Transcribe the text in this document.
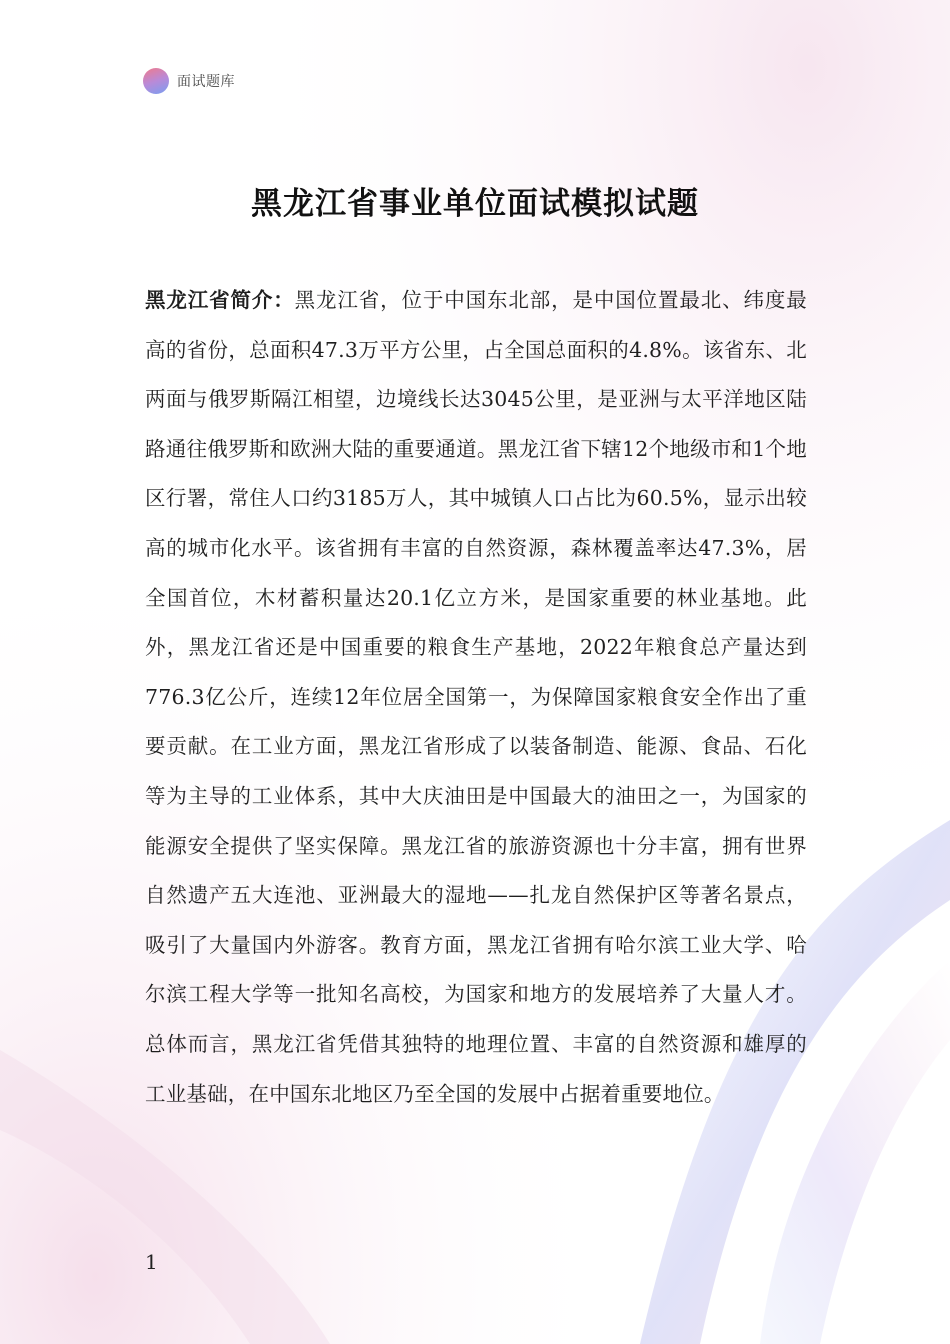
面试题库
黑龙江省事业单位面试模拟试题
黑龙江省简介：黑龙江省，位于中国东北部，是中国位置最北、纬度最高的省份，总面积47.3万平方公里，占全国总面积的4.8%。该省东、北两面与俄罗斯隔江相望，边境线长达3045公里，是亚洲与太平洋地区陆路通往俄罗斯和欧洲大陆的重要通道。黑龙江省下辖12个地级市和1个地区行署，常住人口约3185万人，其中城镇人口占比为60.5%，显示出较高的城市化水平。该省拥有丰富的自然资源，森林覆盖率达47.3%，居全国首位，木材蓄积量达20.1亿立方米，是国家重要的林业基地。此外，黑龙江省还是中国重要的粮食生产基地，2022年粮食总产量达到776.3亿公斤，连续12年位居全国第一，为保障国家粮食安全作出了重要贡献。在工业方面，黑龙江省形成了以装备制造、能源、食品、石化等为主导的工业体系，其中大庆油田是中国最大的油田之一，为国家的能源安全提供了坚实保障。黑龙江省的旅游资源也十分丰富，拥有世界自然遗产五大连池、亚洲最大的湿地——扎龙自然保护区等著名景点，吸引了大量国内外游客。教育方面，黑龙江省拥有哈尔滨工业大学、哈尔滨工程大学等一批知名高校，为国家和地方的发展培养了大量人才。总体而言，黑龙江省凭借其独特的地理位置、丰富的自然资源和雄厚的工业基础，在中国东北地区乃至全国的发展中占据着重要地位。
1
